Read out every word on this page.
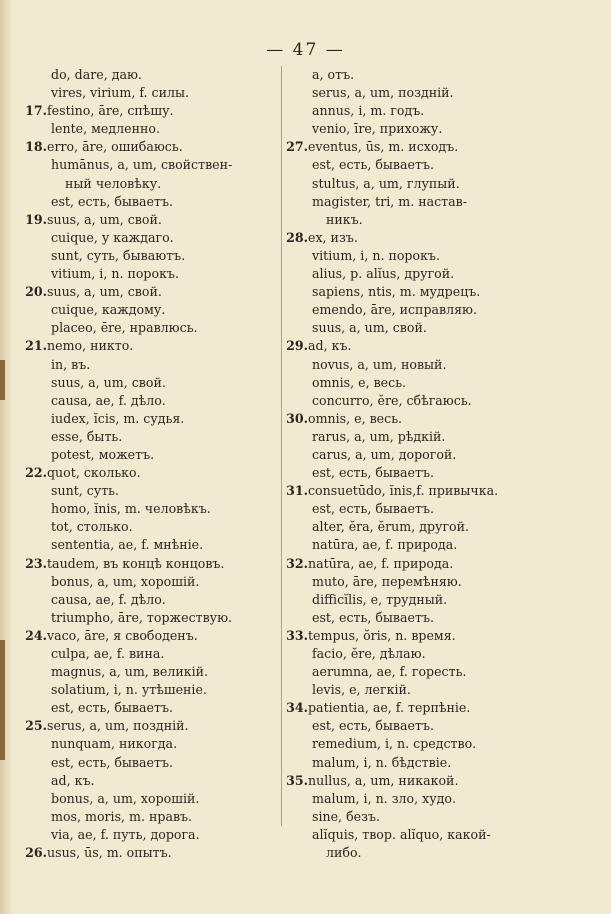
— 47 —
do, dare, даю.
vires, virium, f. силы.
17.festino, āre, спѣшу.
lente, медленно.
18.erro, āre, ошибаюсь.
humānus, a, um, свойствен-
ный человѣку.
est, есть, бываетъ.
19.suus, a, um, свой.
cuique, у каждаго.
sunt, суть, бываютъ.
vitium, i, n. порокъ.
20.suus, a, um, свой.
cuique, каждому.
placeo, ēre, нравлюсь.
21.nemo, никто.
in, въ.
suus, a, um, свой.
causa, ae, f. дѣло.
iudex, ĭcis, m. судья.
esse, быть.
potest, можетъ.
22.quot, сколько.
sunt, суть.
homo, ĭnis, m. человѣкъ.
tot, столько.
sententia, ae, f. мнѣніе.
23.taudem, въ концѣ концовъ.
bonus, a, um, хорошій.
causa, ae, f. дѣло.
triumpho, āre, торжествую.
24.vaco, āre, я свободенъ.
culpa, ae, f. вина.
magnus, a, um, великій.
solatium, i, n. утѣшеніе.
est, есть, бываетъ.
25.serus, a, um, поздній.
nunquam, никогда.
est, есть, бываетъ.
ad, къ.
bonus, a, um, хорошій.
mos, moris, m. нравъ.
via, ae, f. путь, дорога.
26.usus, ūs, m. опытъ.
a, отъ.
serus, a, um, поздній.
annus, i, m. годъ.
venio, īre, прихожу.
27.eventus, ūs, m. исходъ.
est, есть, бываетъ.
stultus, a, um, глупый.
magister, tri, m. настав-
никъ.
28.ex, изъ.
vitium, i, n. порокъ.
alius, p. alĭus, другой.
sapiens, ntis, m. мудрецъ.
emendo, āre, исправляю.
suus, a, um, свой.
29.ad, къ.
novus, a, um, новый.
omnis, e, весь.
concurro, ĕre, сбѣгаюсь.
30.omnis, e, весь.
rarus, a, um, рѣдкій.
carus, a, um, дорогой.
est, есть, бываетъ.
31.consuetūdo, ĭnis,f. привычка.
est, есть, бываетъ.
alter, ĕra, ĕrum, другой.
natūra, ae, f. природа.
32.natūra, ae, f. природа.
muto, āre, перемѣняю.
difficĭlis, e, трудный.
est, есть, бываетъ.
33.tempus, ŏris, n. время.
facio, ĕre, дѣлаю.
aerumna, ae, f. горесть.
levis, e, легкій.
34.patientia, ae, f. терпѣніе.
est, есть, бываетъ.
remedium, i, n. средство.
malum, i, n. бѣдствіе.
35.nullus, a, um, никакой.
malum, i, n. зло, худо.
sine, безъ.
alĭquis, твор. alĭquo, какой-
либо.
